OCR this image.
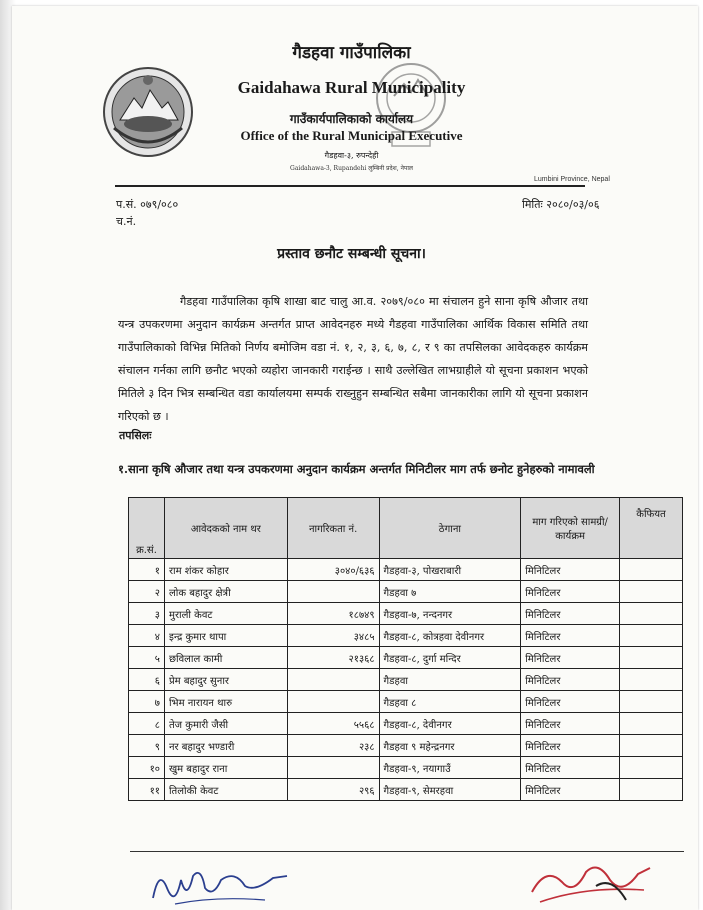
गैडहवा गाउँपालिका
Gaidahawa Rural Municipality
गाउँकार्यपालिकाको कार्यालय
Office of the Rural Municipal Executive
गैडहवा-३, रुपन्देही
Gaidahawa-3, Rupandehi लुम्बिनी प्रदेश, नेपाल
Lumbini Province, Nepal
प.सं. ०७९/०८०
च.नं.
मितिः २०८०/०३/०६
प्रस्ताव छनौट सम्बन्धी सूचना।

गैडहवा गाउँपालिका कृषि शाखा बाट चालु आ.व. २०७९/०८० मा संचालन हुने साना कृषि औजार तथा यन्त्र उपकरणमा अनुदान कार्यक्रम अन्तर्गत प्राप्त आवेदनहरु मध्ये गैडहवा गाउँपालिका आर्थिक विकास समिति तथा गाउँपालिकाको विभिन्न मितिको निर्णय बमोजिम वडा नं. १, २, ३, ६, ७, ८, र ९ का तपसिलका आवेदकहरु कार्यक्रम संचालन गर्नका लागि छनौट भएको व्यहोरा जानकारी गराईन्छ । साथै उल्लेखित लाभग्राहीले यो सूचना प्रकाशन भएको मितिले ३ दिन भित्र सम्बन्धित वडा कार्यालयमा सम्पर्क राख्नुहुन सम्बन्धित सबैमा जानकारीका लागि यो सूचना प्रकाशन गरिएको छ ।

तपसिलः
१.साना कृषि औजार तथा यन्त्र उपकरणमा अनुदान कार्यक्रम अन्तर्गत मिनिटीलर माग तर्फ छनोट हुनेहरुको नामावली
क्र.सं.	आवेदकको नाम थर	नागरिकता नं.	ठेगाना	माग गरिएको सामग्री/कार्यक्रम	कैफियत
१	राम शंकर कोहार	३०४०/६३६	गैडहवा-३, पोखराबारी	मिनिटिलर	
२	लोक बहादुर क्षेत्री		गैडहवा ७	मिनिटिलर	
३	मुराली केवट	१८७४९	गैडहवा-७, नन्दनगर	मिनिटिलर	
४	इन्द्र कुमार थापा	३४८५	गैडहवा-८, कोत्रहवा देवीनगर	मिनिटिलर	
५	छविलाल कामी	२१३६८	गैडहवा-८, दुर्गा मन्दिर	मिनिटिलर	
६	प्रेम बहादुर सुनार		गैडहवा	मिनिटिलर	
७	भिम नारायन थारु		गैडहवा ८	मिनिटिलर	
८	तेज कुमारी जैसी	५५६८	गैडहवा-८, देवीनगर	मिनिटिलर	
९	नर बहादुर भण्डारी	२३८	गैडहवा ९ महेन्द्रनगर	मिनिटिलर	
१०	खुम बहादुर राना		गैडहवा-९, नयागाउँ	मिनिटिलर	
११	तिलोकी केवट	२९६	गैडहवा-९, सेमरहवा	मिनिटिलर	
